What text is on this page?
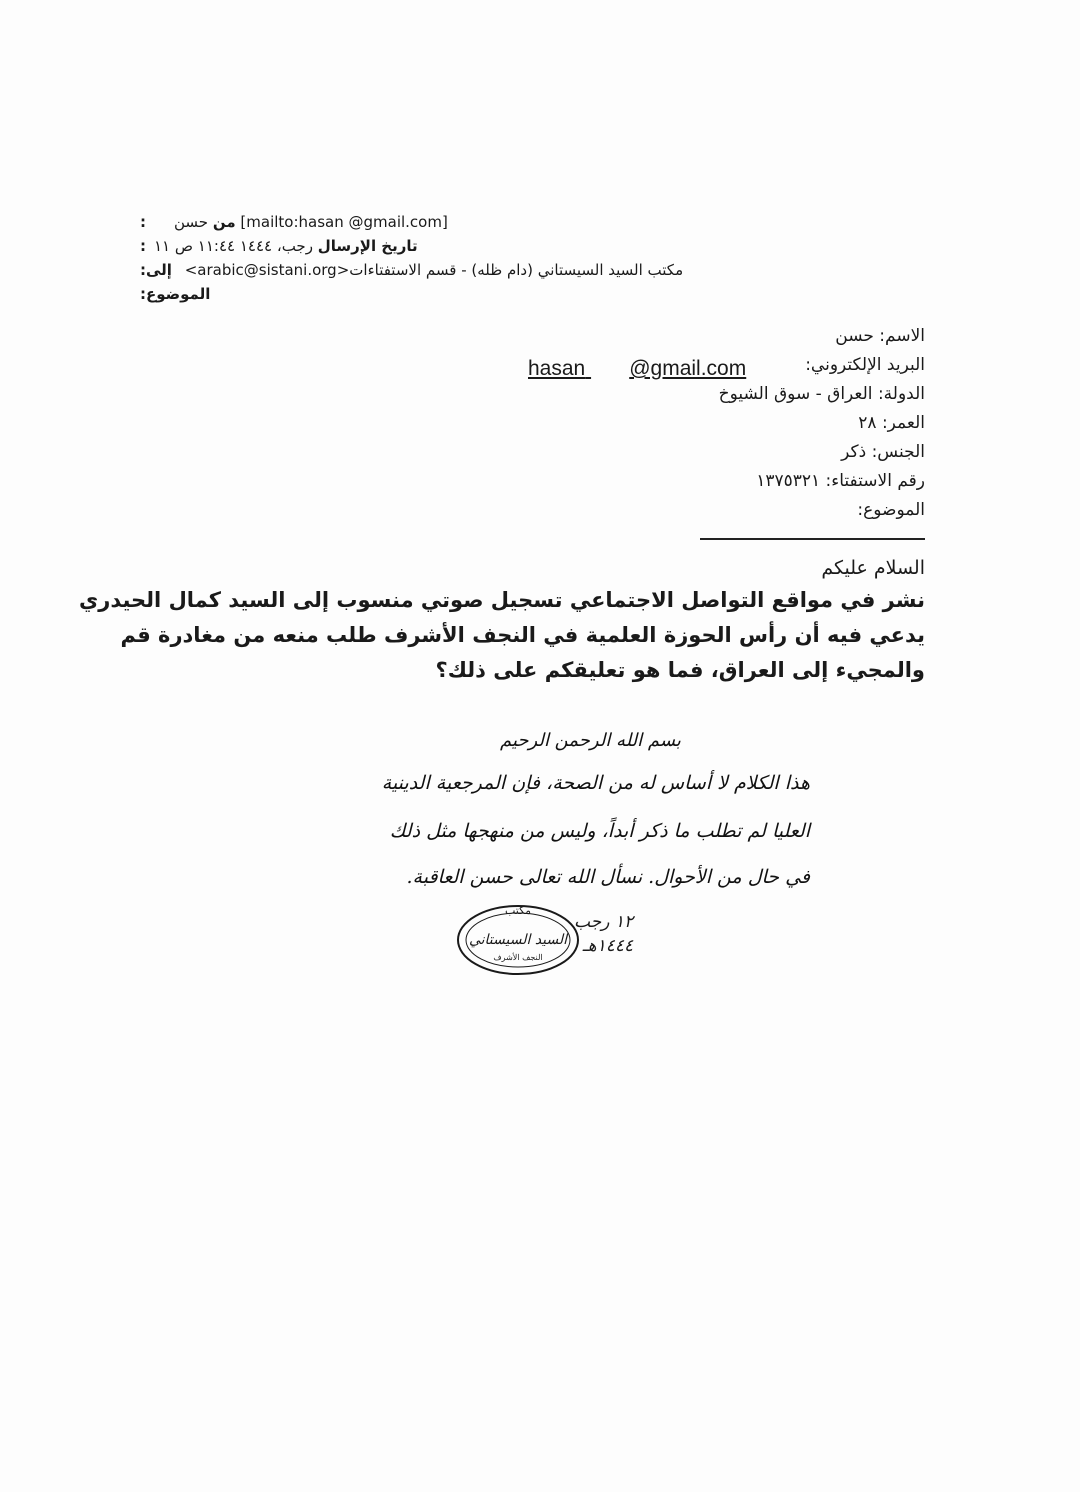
:من حسن [mailto:hasan @gmail.com]
:تاريخ الإرسال رجب، ١٤٤٤ ١١:٤٤ ص ١١
:إلى <arabic@sistani.org>مكتب السيد السيستاني (دام ظله) - قسم الاستفتاءات
:الموضوع
الاسم: حسن
البريد الإلكتروني:
الدولة: العراق - سوق الشيوخ
العمر: ٢٨
الجنس: ذكر
رقم الاستفتاء: ١٣٧٥٣٢١
الموضوع:
hasan @gmail.com
السلام عليكم
نشر في مواقع التواصل الاجتماعي تسجيل صوتي منسوب إلى السيد كمال الحيدري
يدعي فيه أن رأس الحوزة العلمية في النجف الأشرف طلب منعه من مغادرة قم
والمجيء إلى العراق، فما هو تعليقكم على ذلك؟
بسم الله الرحمن الرحيم
هذا الكلام لا أساس له من الصحة، فإن المرجعية الدينية
العليا لم تطلب ما ذكر أبداً، وليس من منهجها مثل ذلك
في حال من الأحوال. نسأل الله تعالى حسن العاقبة.
١٢ رجب
١٤٤٤هـ
مكتب
السيد السيستاني
النجف الأشرف
